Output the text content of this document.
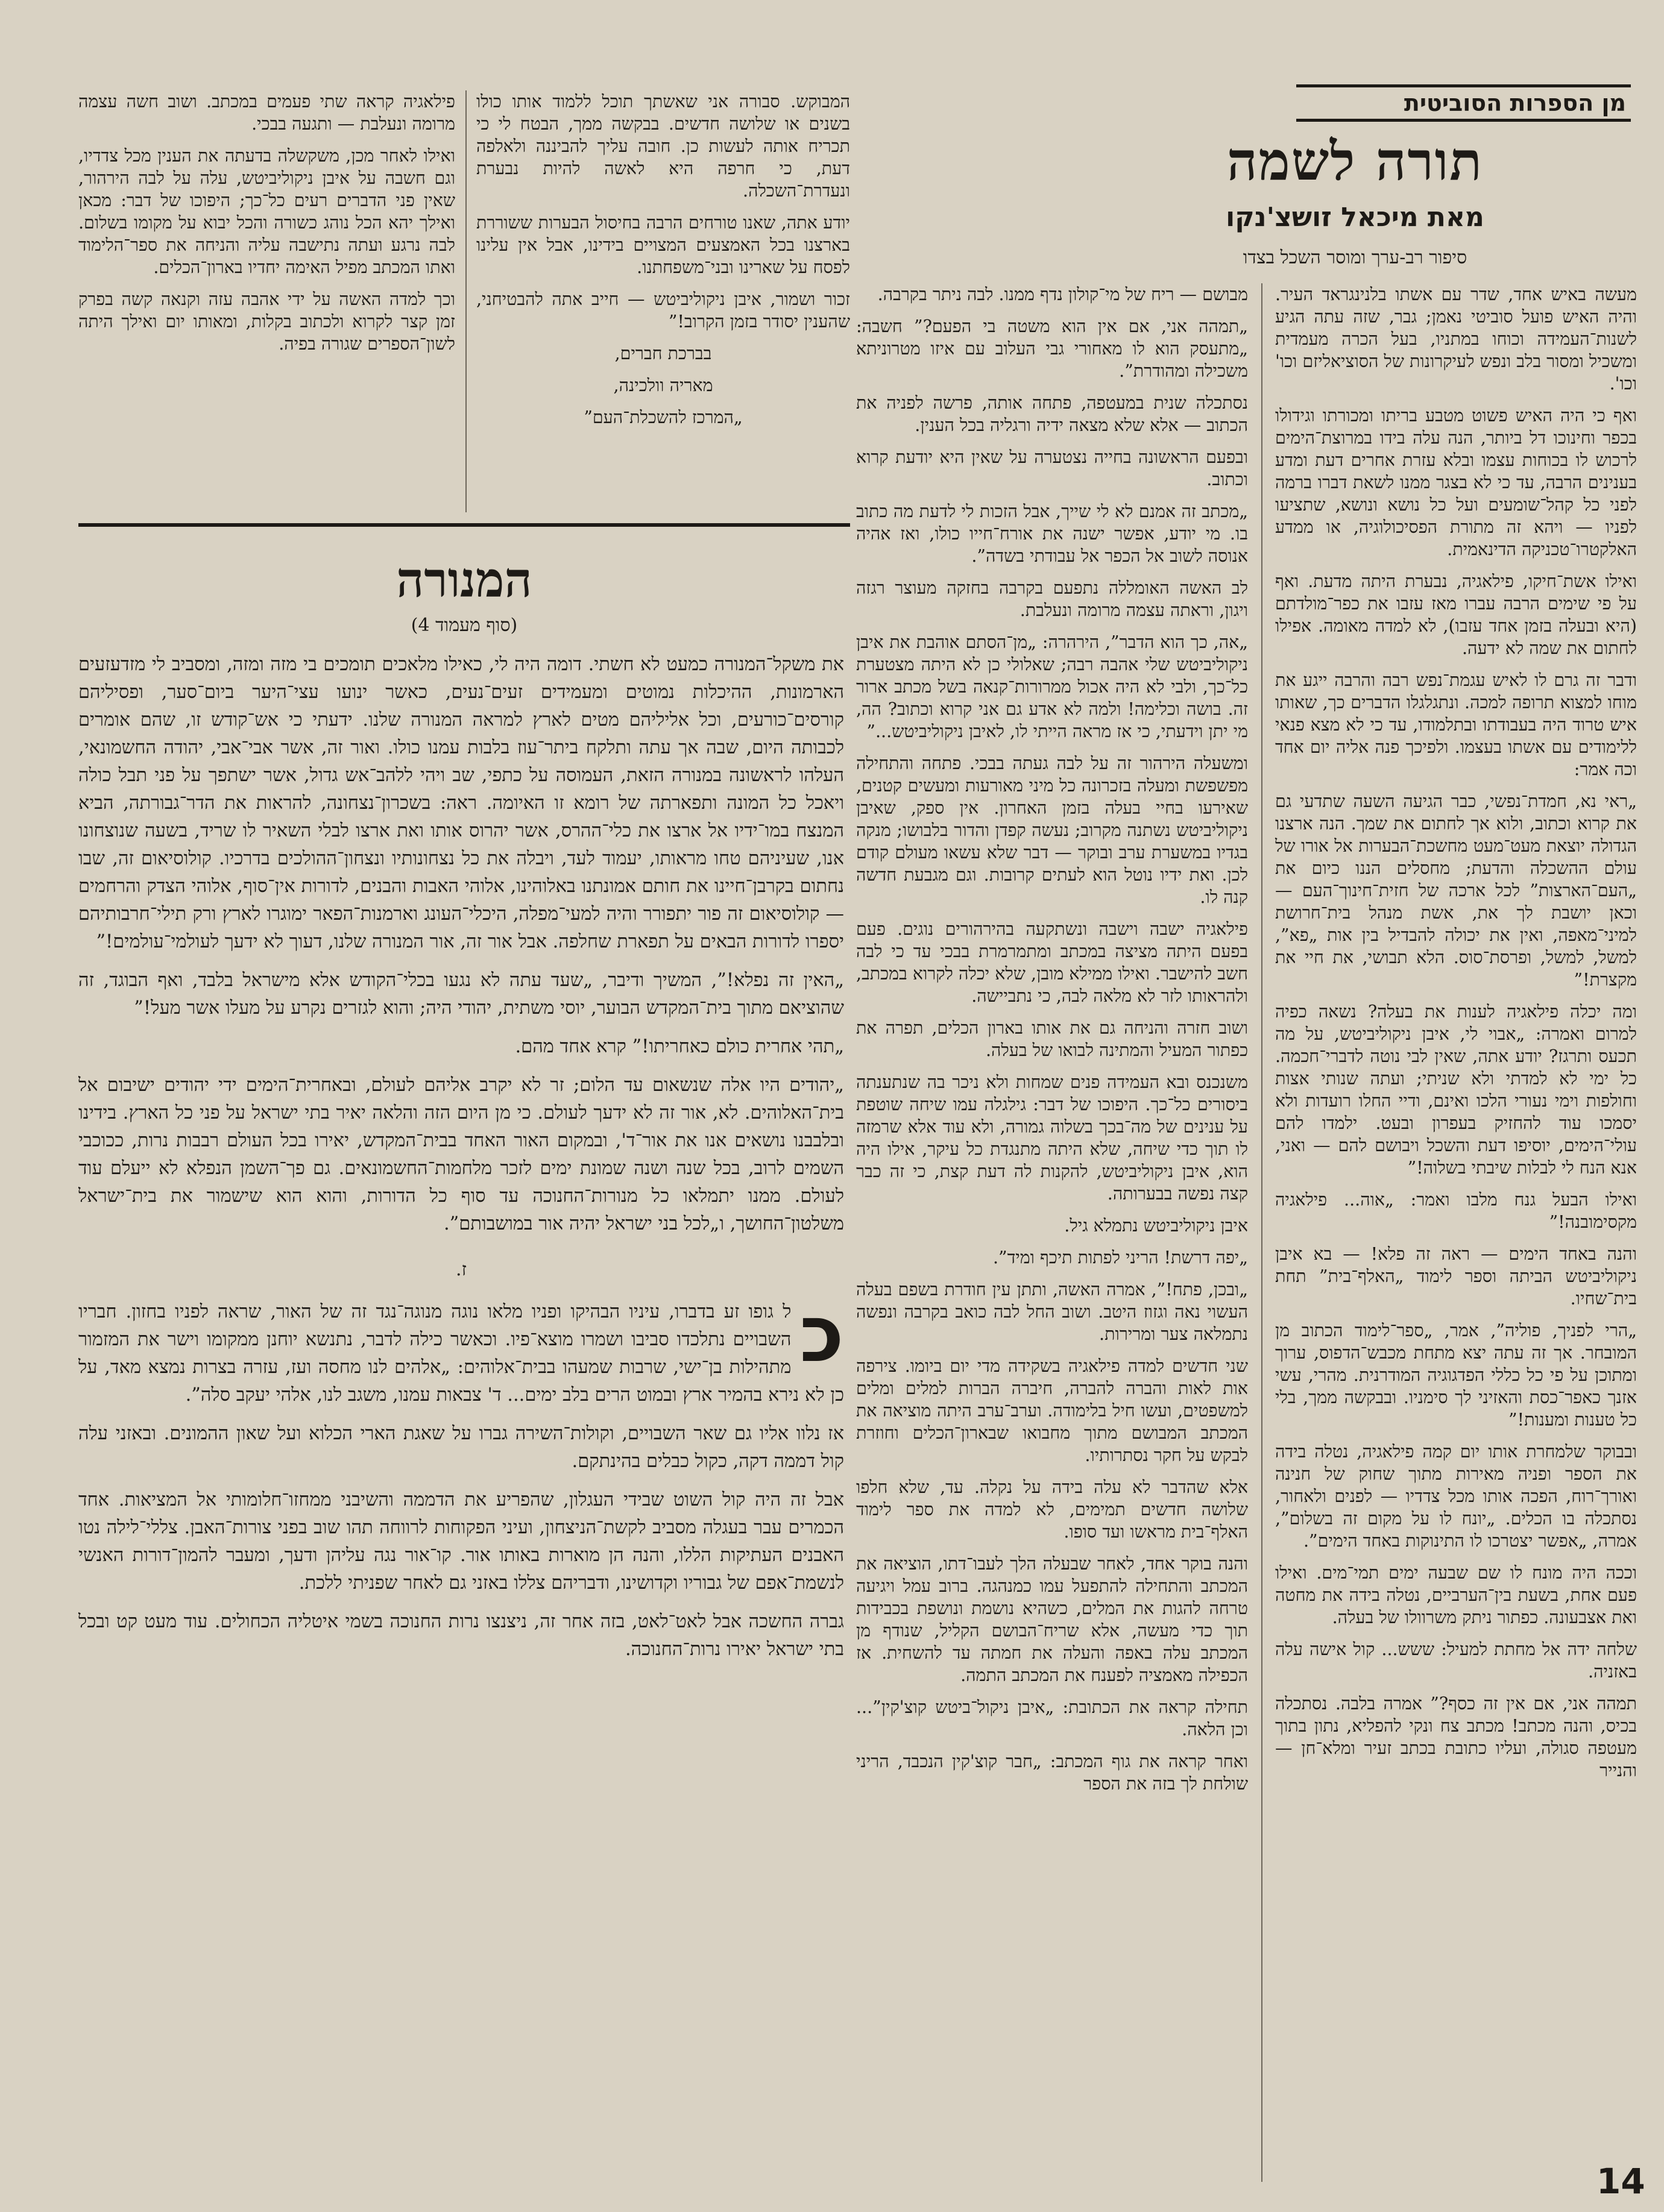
מן הספרות הסוביטית
תורה לשמה
מאת מיכאל זושצ'נקו
סיפור רב-ערך ומוסר השכל בצדו

מעשה באיש אחד, שדר עם אשתו בלנינגראד העיר. והיה האיש פועל סוביטי נאמן; גבר, שזה עתה הגיע לשנות־העמידה וכוחו במתניו, בעל הכרה מעמדית ומשכיל ומסור בלב ונפש לעיקרונות של הסוציאליזם וכו' וכו'.

ואף כי היה האיש פשוט מטבע בריתו ומכורתו וגידולו בכפר וחינוכו דל ביותר, הנה עלה בידו במרוצת־הימים לרכוש לו בכוחות עצמו ובלא עזרת אחרים דעת ומדע בענינים הרבה, עד כי לא בצגר ממנו לשאת דברו ברמה לפני כל קהל־שומעים ועל כל נושא ונושא, שתציעו לפניו — ויהא זה מתורת הפסיכולוגיה, או ממדע האלקטרו־טכניקה הדינאמית.

ואילו אשת־חיקו, פילאגיה, נבערת היתה מדעת. ואף על פי שימים הרבה עברו מאז עזבו את כפר־מולדתם (היא ובעלה בזמן אחד עזבו), לא למדה מאומה. אפילו לחתום את שמה לא ידעה.

ודבר זה גרם לו לאיש עגמת־נפש רבה והרבה ייגע את מוחו למצוא תרופה למכה. ונתגלגלו הדברים כך, שאותו איש טרוד היה בעבודתו ובתלמודו, עד כי לא מצא פנאי ללימודים עם אשתו בעצמו. ולפיכך פנה אליה יום אחד וכה אמר:

„ראי נא, חמדת־נפשי, כבר הגיעה השעה שתדעי גם את קרוא וכתוב, ולוא אך לחתום את שמך. הנה ארצנו הגדולה יוצאת מעט־מעט מחשכת־הבערות אל אורו של עולם ההשכלה והדעת; מחסלים הננו כיום את „העם־הארצות” לכל ארכה של חזית־חינוך־העם — וכאן יושבת לך את, אשת מנהל בית־חרושת למיני־מאפה, ואין את יכולה להבדיל בין אות „פא”, למשל, למשל, ופרסת־סוס. הלא תבושי, את חיי את מקצרת!”

ומה יכלה פילאגיה לענות את בעלה? נשאה כפיה למרום ואמרה: „אבוי לי, איבן ניקוליביטש, על מה תכעס ותרגז? יודע אתה, שאין לבי נוטה לדברי־חכמה. כל ימי לא למדתי ולא שניתי; ועתה שנותי אצות וחולפות וימי נעורי הלכו ואינם, ודיי החלו רועדות ולא יסמכו עוד להחזיק בעפרון ובעט. ילמדו להם עולי־הימים, יוסיפו דעת והשכל ויבושם להם — ואני, אנא הנח לי לבלות שיבתי בשלוה!”

ואילו הבעל גנח מלבו ואמר: „אוה... פילאגיה מקסימובנה!”

והנה באחד הימים — ראה זה פלא! — בא איבן ניקוליביטש הביתה וספר לימוד „האלף־בית” תחת בית־שחיו.

„הרי לפניך, פוליה”, אמר, „ספר־לימוד הכתוב מן המובחר. אך זה עתה יצא מתחת מכבש־הדפוס, ערוך ומתוכן על פי כל כללי הפדגוגיה המודרנית. מהרי, עשי אזנך כאפר־כסת והאזיני לך סימניו. ובבקשה ממך, בלי כל טענות ומענות!”

ובבוקר שלמחרת אותו יום קמה פילאגיה, נטלה בידה את הספר ופניה מאירות מתוך שחוק של חנינה ואורך־רוח, הפכה אותו מכל צדדיו — לפנים ולאחור, נסתכלה בו הכלים. „יונח לו על מקום זה בשלום”, אמרה, „אפשר יצטרכו לו התינוקות באחד הימים”.

וככה היה מונח לו שם שבעה ימים תמי־מים. ואילו פעם אחת, בשעת בין־הערביים, נטלה בידה את מחטה ואת אצבעונה. כפתור ניתק משרוולו של בעלה.

שלחה ידה אל מחתת למעיל: ששש... קול אישה עלה באזניה.

תמהה אני, אם אין זה כסף?” אמרה בלבה. נסתכלה בכיס, והנה מכתב! מכתב צח ונקי להפליא, נתון בתוך מעטפה סגולה, ועליו כתובת בכתב זעיר ומלא־חן — והנייר

מבושם — ריח של מי־קולון נדף ממנו. לבה ניתר בקרבה.

„תמהה אני, אם אין הוא משטה בי הפעם?” חשבה: „מתעסק הוא לו מאחורי גבי העלוב עם איזו מטרוניתא משכילה ומהודרת”.

נסתכלה שנית במעטפה, פתחה אותה, פרשה לפניה את הכתוב — אלא שלא מצאה ידיה ורגליה בכל הענין.

ובפעם הראשונה בחייה נצטערה על שאין היא יודעת קרוא וכתוב.

„מכתב זה אמנם לא לי שייך, אבל הזכות לי לדעת מה כתוב בו. מי יודע, אפשר ישנה את אורח־חייו כולו, ואז אהיה אנוסה לשוב אל הכפר אל עבודתי בשדה”.

לב האשה האומללה נתפעם בקרבה בחזקה מעוצר רגזה ויגון, וראתה עצמה מרומה ונעלבת.

„אה, כך הוא הדבר”, הירהרה: „מן־הסתם אוהבת את איבן ניקוליביטש שלי אהבה רבה; שאלולי כן לא היתה מצטערת כל־כך, ולבי לא היה אכול ממרורות־קנאה בשל מכתב ארור זה. בושה וכלימה! ולמה לא אדע גם אני קרוא וכתוב? הה, מי יתן וידעתי, כי אז מראה הייתי לו, לאיבן ניקוליביטש...”

ומשעלה הירהור זה על לבה געתה בבכי. פתחה והתחילה מפשפשת ומעלה בזכרונה כל מיני מאורעות ומעשים קטנים, שאירעו בחיי בעלה בזמן האחרון. אין ספק, שאיבן ניקוליביטש נשתנה מקרוב; נעשה קפדן והדור בלבושו; מנקה בגדיו במשערת ערב ובוקר — דבר שלא עשאו מעולם קודם לכן. ואת ידיו נוטל הוא לעתים קרובות. וגם מגבעת חדשה קנה לו.

פילאגיה ישבה וישבה ונשתקעה בהירהורים נוגים. פעם בפעם היתה מציצה במכתב ומתמרמרת בבכי עד כי לבה חשב להישבר. ואילו ממילא מובן, שלא יכלה לקרוא במכתב, ולהראותו לזר לא מלאה לבה, כי נתביישה.

ושוב חזרה והניחה גם את אותו בארון הכלים, תפרה את כפתור המעיל והמתינה לבואו של בעלה.

משנכנס ובא העמידה פנים שמחות ולא ניכר בה שנתענתה ביסורים כל־כך. היפוכו של דבר: גילגלה עמו שיחה שוטפת על ענינים של מה־בכך בשלוה גמורה, ולא עוד אלא שרמזה לו תוך כדי שיחה, שלא היתה מתנגדת כל עיקר, אילו היה הוא, איבן ניקוליביטש, להקנות לה דעת קצת, כי זה כבר קצה נפשה בבערותה.

איבן ניקוליביטש נתמלא גיל.

„יפה דרשת! הריני לפתות תיכף ומיד”.

„ובכן, פתח!”, אמרה האשה, ותתן עין חודרת בשפם בעלה העשוי נאה וגזוז היטב. ושוב החל לבה כואב בקרבה ונפשה נתמלאה צער ומרירות.

שני חדשים למדה פילאגיה בשקידה מדי יום ביומו. צירפה אות לאות והברה להברה, חיברה הברות למלים ומלים למשפטים, ועשו חיל בלימודה. וערב־ערב היתה מוציאה את המכתב המבושם מתוך מחבואו שבארון־הכלים וחוזרת לבקש על חקר נסתרותיו.

אלא שהדבר לא עלה בידה על נקלה. עד, שלא חלפו שלושה חדשים תמימים, לא למדה את ספר לימוד האלף־בית מראשו ועד סופו.

והנה בוקר אחד, לאחר שבעלה הלך לעבו־דתו, הוציאה את המכתב והתחילה להתפעל עמו כמנהגה. ברוב עמל ויגיעה טרחה להגות את המלים, כשהיא נושמת ונושפת בכבידות תוך כדי מעשה, אלא שריח־הבושם הקליל, שנודף מן המכתב עלה באפה והעלה את חמתה עד להשחית. אז הכפילה מאמציה לפענח את המכתב התמה.

תחילה קראה את הכתובת: „איבן ניקול־ביטש קוצ'קין”... וכן הלאה.

ואחר קראה את גוף המכתב: „חבר קוצ'קין הנכבד, הריני שולחת לך בזה את הספר

המבוקש. סבורה אני שאשתך תוכל ללמוד אותו כולו בשנים או שלושה חדשים. בבקשה ממך, הבטח לי כי תכריח אותה לעשות כן. חובה עליך להביננה ולאלפה דעת, כי חרפה היא לאשה להיות נבערת ונעדרת־השכלה.

יודע אתה, שאנו טורחים הרבה בחיסול הבערות ששוררת בארצנו בכל האמצעים המצויים בידינו, אבל אין עלינו לפסח על שארינו ובני־משפחתנו.

זכור ושמור, איבן ניקוליביטש — חייב אתה להבטיחני, שהענין יסודר בזמן הקרוב!”

בברכת חברים,

מאריה וולכינה,

„המרכז להשכלת־העם”

פילאגיה קראה שתי פעמים במכתב. ושוב חשה עצמה מרומה ונעלבת — ותגעה בבכי.

ואילו לאחר מכן, משקשלה בדעתה את הענין מכל צדדיו, וגם חשבה על איבן ניקוליביטש, עלה על לבה הירהור, שאין פני הדברים רעים כל־כך; היפוכו של דבר: מכאן ואילך יהא הכל נוהג כשורה והכל יבוא על מקומו בשלום. לבה נרגע ועתה נתישבה עליה והניחה את ספר־הלימוד ואתו המכתב מפיל האימה יחדיו בארון־הכלים.

וכך למדה האשה על ידי אהבה עזה וקנאה קשה בפרק זמן קצר לקרוא ולכתוב בקלות, ומאותו יום ואילך היתה לשון־הספרים שגורה בפיה.

המנורה
(סוף מעמוד 4)

את משקל־המנורה כמעט לא חשתי. דומה היה לי, כאילו מלאכים תומכים בי מזה ומזה, ומסביב לי מזדעזעים הארמונות, ההיכלות נמוטים ומעמידים זעים־נעים, כאשר ינועו עצי־היער ביום־סער, ופסיליהם קורסים־כורעים, וכל אליליהם מטים לארץ למראה המנורה שלנו. ידעתי כי אש־קודש זו, שהם אומרים לכבותה היום, שבה אך עתה ותלקח ביתר־עוז בלבות עמנו כולו. ואור זה, אשר אבי־אבי, יהודה החשמונאי, העלהו לראשונה במנורה הזאת, העמוסה על כתפי, שב ויהי ללהב־אש גדול, אשר ישתפך על פני תבל כולה ויאכל כל המונה ותפארתה של רומא זו האיומה. ראה: בשכרון־נצחונה, להראות את הדר־גבורתה, הביא המנצח במו־ידיו אל ארצו את כלי־ההרס, אשר יהרוס אותו ואת ארצו לבלי השאיר לו שריד, בשעה שנוצחונו אנו, שעיניהם טחו מראותו, יעמוד לעד, ויבלה את כל נצחונותיו ונצחון־ההולכים בדרכיו. קולוסיאום זה, שבו נחתום בקרבן־חיינו את חותם אמונתנו באלוהינו, אלוהי האבות והבנים, לדורות אין־סוף, אלוהי הצדק והרחמים — קולוסיאום זה פור יתפורר והיה למעי־מפלה, היכלי־העונג וארמנות־הפאר ימוגרו לארץ ורק תילי־חרבותיהם יספרו לדורות הבאים על תפארת שחלפה. אבל אור זה, אור המנורה שלנו, דעוך לא ידעך לעולמי־עולמים!”

„האין זה נפלא!”, המשיך ודיבר, „שעד עתה לא נגעו בכלי־הקודש אלא מישראל בלבד, ואף הבוגד, זה שהוציאם מתוך בית־המקדש הבוער, יוסי משתית, יהודי היה; והוא לגזרים נקרע על מעלו אשר מעל!”

„תהי אחרית כולם כאחריתו!” קרא אחד מהם.

„יהודים היו אלה שנשאום עד הלום; זר לא יקרב אליהם לעולם, ובאחרית־הימים ידי יהודים ישיבום אל בית־האלוהים. לא, אור זה לא ידעך לעולם. כי מן היום הזה והלאה יאיר בתי ישראל על פני כל הארץ. בידינו ובלבבנו נושאים אנו את אור־ד', ובמקום האור האחד בבית־המקדש, יאירו בכל העולם רבבות נרות, ככוכבי השמים לרוב, בכל שנה ושנה שמונת ימים לזכר מלחמות־החשמונאים. גם פך־השמן הנפלא לא ייעלם עוד לעולם. ממנו יתמלאו כל מנורות־החנוכה עד סוף כל הדורות, והוא הוא שישמור את בית־ישראל משלטון־החושך, ו„לכל בני ישראל יהיה אור במושבותם”.

ז.

כ
ל גופו זע בדברו, עיניו הבהיקו ופניו מלאו נוגה מנוגה־נגד זה של האור, שראה לפניו בחזון. חבריו השבויים נתלכדו סביבו ושמרו מוצא־פיו. וכאשר כילה לדבר, נתנשא יוחנן ממקומו וישר את המזמור מתהילות בן־ישי, שרבות שמעהו בבית־אלוהים: „אלהים לנו מחסה ועז, עזרה בצרות נמצא מאד, על כן לא נירא בהמיר ארץ ובמוט הרים בלב ימים... ד' צבאות עמנו, משגב לנו, אלהי יעקב סלה”.

אז נלוו אליו גם שאר השבויים, וקולות־השירה גברו על שאגת הארי הכלוא ועל שאון ההמונים. ובאזני עלה קול דממה דקה, כקול כבלים בהינתקם.

אבל זה היה קול השוט שבידי העגלון, שהפריע את הדממה והשיבני ממחזו־חלומותי אל המציאות. אחד הכמרים עבר בעגלה מסביב לקשת־הניצחון, ועיני הפקוחות לרווחה תהו שוב בפני צורות־האבן. צללי־לילה נטו האבנים העתיקות הללו, והנה הן מוארות באותו אור. קו־אור נגה עליהן ודעך, ומעבר להמון־דורות האנשי לנשמת־אפם של גבוריו וקדושינו, ודבריהם צללו באזני גם לאחר שפניתי ללכת.

גברה החשכה אבל לאט־לאט, בזה אחר זה, ניצנצו נרות החנוכה בשמי איטליה הכחולים. עוד מעט קט ובכל בתי ישראל יאירו נרות־החנוכה.

14
